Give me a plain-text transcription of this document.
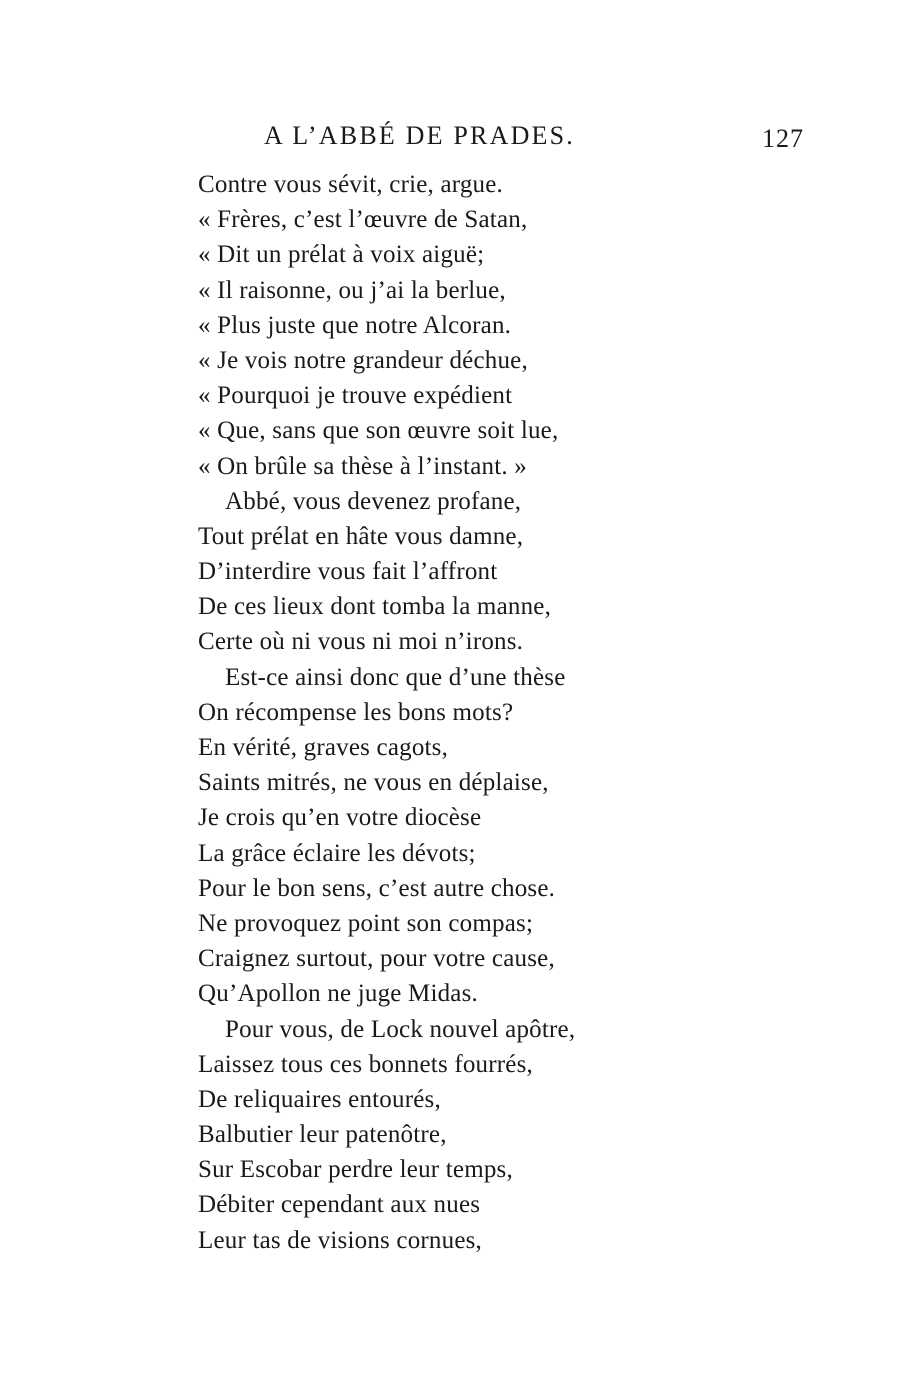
A L’ABBÉ DE PRADES.	127
Contre vous sévit, crie, argue.
« Frères, c’est l’œuvre de Satan,
« Dit un prélat à voix aiguë;
« Il raisonne, ou j’ai la berlue,
« Plus juste que notre Alcoran.
« Je vois notre grandeur déchue,
« Pourquoi je trouve expédient
« Que, sans que son œuvre soit lue,
« On brûle sa thèse à l’instant. »
Abbé, vous devenez profane,
Tout prélat en hâte vous damne,
D’interdire vous fait l’affront
De ces lieux dont tomba la manne,
Certe où ni vous ni moi n’irons.
Est-ce ainsi donc que d’une thèse
On récompense les bons mots?
En vérité, graves cagots,
Saints mitrés, ne vous en déplaise,
Je crois qu’en votre diocèse
La grâce éclaire les dévots;
Pour le bon sens, c’est autre chose.
Ne provoquez point son compas;
Craignez surtout, pour votre cause,
Qu’Apollon ne juge Midas.
Pour vous, de Lock nouvel apôtre,
Laissez tous ces bonnets fourrés,
De reliquaires entourés,
Balbutier leur patenôtre,
Sur Escobar perdre leur temps,
Débiter cependant aux nues
Leur tas de visions cornues,
